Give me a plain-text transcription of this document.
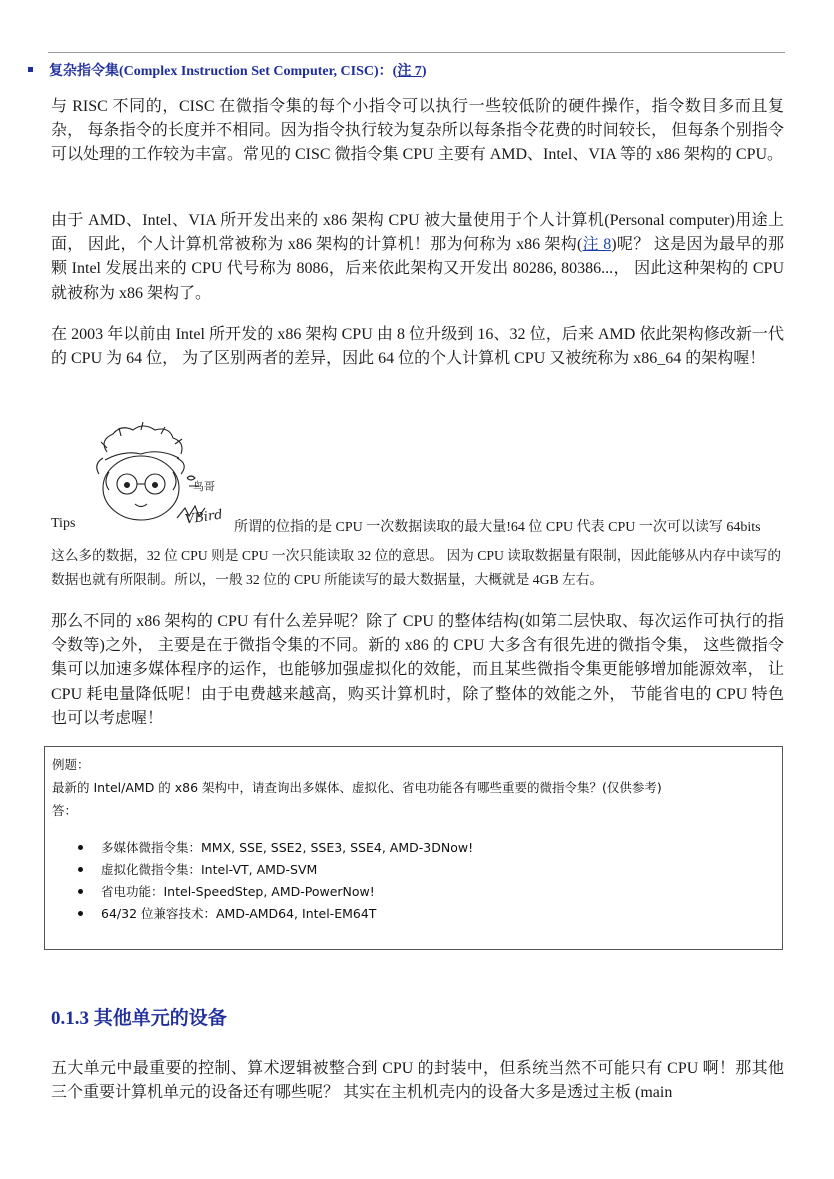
复杂指令集(Complex Instruction Set Computer, CISC)：(注 7)
与 RISC 不同的，CISC 在微指令集的每个小指令可以执行一些较低阶的硬件操作，指令数目多而且复杂， 每条指令的长度并不相同。因为指令执行较为复杂所以每条指令花费的时间较长， 但每条个别指令可以处理的工作较为丰富。常见的 CISC 微指令集 CPU 主要有 AMD、Intel、VIA 等的 x86 架构的 CPU。
由于 AMD、Intel、VIA 所开发出来的 x86 架构 CPU 被大量使用于个人计算机(Personal computer)用途上面， 因此，个人计算机常被称为 x86 架构的计算机！那为何称为 x86 架构(注 8)呢？ 这是因为最早的那颗 Intel 发展出来的 CPU 代号称为 8086，后来依此架构又开发出 80286, 80386...， 因此这种架构的 CPU 就被称为 x86 架构了。
在 2003 年以前由 Intel 所开发的 x86 架构 CPU 由 8 位升级到 16、32 位，后来 AMD 依此架构修改新一代的 CPU 为 64 位， 为了区别两者的差异，因此 64 位的个人计算机 CPU 又被统称为 x86_64 的架构喔！
Tips
鸟哥
VBird 所谓的位指的是 CPU 一次数据读取的最大量!64 位 CPU 代表 CPU 一次可以读写 64bits
这么多的数据，32 位 CPU 则是 CPU 一次只能读取 32 位的意思。 因为 CPU 读取数据量有限制，因此能够从内存中读写的数据也就有所限制。所以，一般 32 位的 CPU 所能读写的最大数据量，大概就是 4GB 左右。
那么不同的 x86 架构的 CPU 有什么差异呢？除了 CPU 的整体结构(如第二层快取、每次运作可执行的指令数等)之外， 主要是在于微指令集的不同。新的 x86 的 CPU 大多含有很先进的微指令集， 这些微指令集可以加速多媒体程序的运作，也能够加强虚拟化的效能，而且某些微指令集更能够增加能源效率， 让 CPU 耗电量降低呢！由于电费越来越高，购买计算机时，除了整体的效能之外， 节能省电的 CPU 特色也可以考虑喔！
例题：
最新的 Intel/AMD 的 x86 架构中，请查询出多媒体、虚拟化、省电功能各有哪些重要的微指令集？(仅供参考)
答：
多媒体微指令集：MMX, SSE, SSE2, SSE3, SSE4, AMD-3DNow!
虚拟化微指令集：Intel-VT, AMD-SVM
省电功能：Intel-SpeedStep, AMD-PowerNow!
64/32 位兼容技术：AMD-AMD64, Intel-EM64T
0.1.3 其他单元的设备
五大单元中最重要的控制、算术逻辑被整合到 CPU 的封装中，但系统当然不可能只有 CPU 啊！那其他三个重要计算机单元的设备还有哪些呢？ 其实在主机机壳内的设备大多是透过主板 (main
